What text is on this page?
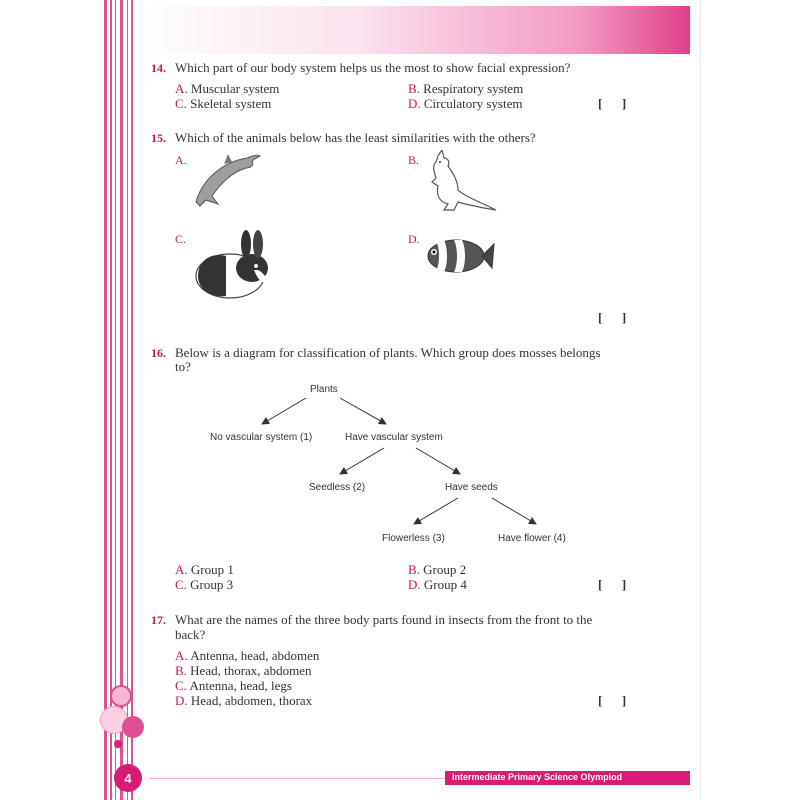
14. Which part of our body system helps us the most to show facial expression?
A. Muscular system	B. Respiratory system
C. Skeletal system	D. Circulatory system	[      ]
15. Which of the animals below has the least similarities with the others?
A.	B.
C.	D.
[      ]
16. Below is a diagram for classification of plants. Which group does mosses belongs
to?
Plants
No vascular system (1)	Have vascular system
Seedless (2)	Have seeds
Flowerless (3)	Have flower (4)
A. Group 1	B. Group 2
C. Group 3	D. Group 4	[      ]
17. What are the names of the three body parts found in insects from the front to the
back?
A. Antenna, head, abdomen
B. Head, thorax, abdomen
C. Antenna, head, legs
D. Head, abdomen, thorax	[      ]
4	Intermediate Primary Science Olympiod
